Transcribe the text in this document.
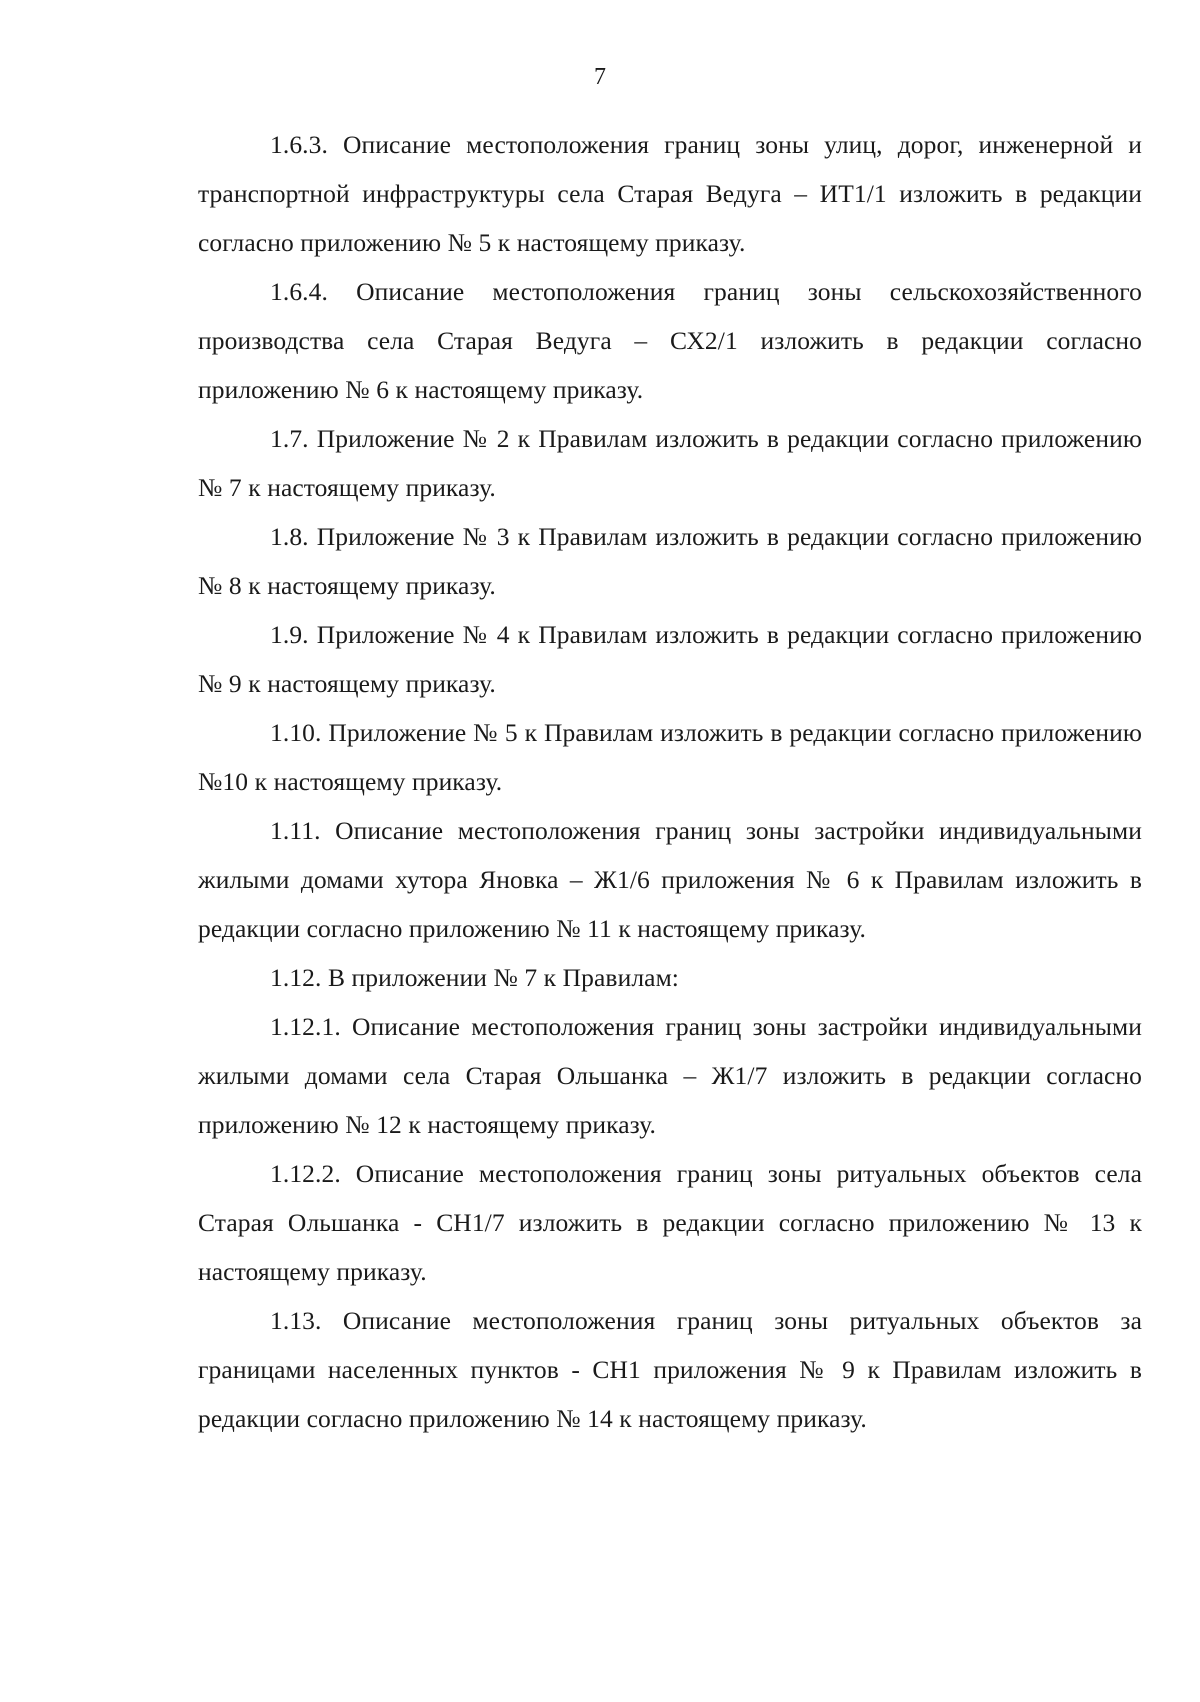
7

1.6.3. Описание местоположения границ зоны улиц, дорог, инженерной и транспортной инфраструктуры села Старая Ведуга – ИТ1/1 изложить в редакции согласно приложению № 5 к настоящему приказу.

1.6.4. Описание местоположения границ зоны сельскохозяйственного производства села Старая Ведуга – СХ2/1 изложить в редакции согласно приложению № 6 к настоящему приказу.

1.7. Приложение № 2 к Правилам изложить в редакции согласно приложению № 7 к настоящему приказу.

1.8. Приложение № 3 к Правилам изложить в редакции согласно приложению № 8 к настоящему приказу.

1.9. Приложение № 4 к Правилам изложить в редакции согласно приложению № 9 к настоящему приказу.

1.10. Приложение № 5 к Правилам изложить в редакции согласно приложению №10 к настоящему приказу.

1.11. Описание местоположения границ зоны застройки индивидуальными жилыми домами хутора Яновка – Ж1/6 приложения № 6 к Правилам изложить в редакции согласно приложению № 11 к настоящему приказу.

1.12. В приложении № 7 к Правилам:

1.12.1. Описание местоположения границ зоны застройки индивидуальными жилыми домами села Старая Ольшанка – Ж1/7 изложить в редакции согласно приложению № 12 к настоящему приказу.

1.12.2. Описание местоположения границ зоны ритуальных объектов села Старая Ольшанка - СН1/7 изложить в редакции согласно приложению № 13 к настоящему приказу.

1.13. Описание местоположения границ зоны ритуальных объектов за границами населенных пунктов - СН1 приложения № 9 к Правилам изложить в редакции согласно приложению № 14 к настоящему приказу.
